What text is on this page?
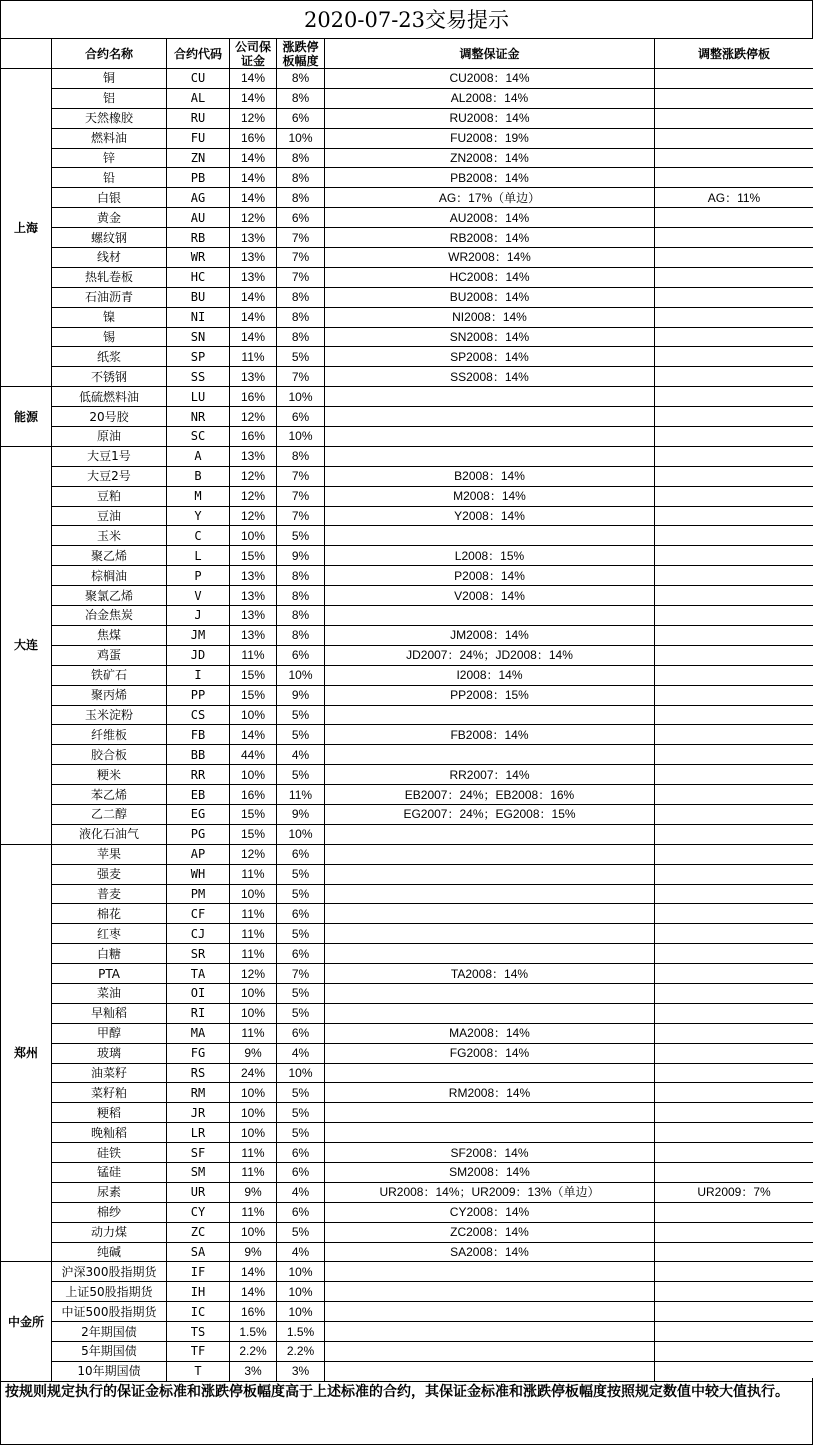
2020-07-23交易提示
	合约名称	合约代码	公司保证金	涨跌停板幅度	调整保证金	调整涨跌停板
上海	铜	CU	14%	8%	CU2008：14%	
	铝	AL	14%	8%	AL2008：14%	
	天然橡胶	RU	12%	6%	RU2008：14%	
	燃料油	FU	16%	10%	FU2008：19%	
	锌	ZN	14%	8%	ZN2008：14%	
	铅	PB	14%	8%	PB2008：14%	
	白银	AG	14%	8%	AG：17%（单边）	AG：11%
	黄金	AU	12%	6%	AU2008：14%	
	螺纹钢	RB	13%	7%	RB2008：14%	
	线材	WR	13%	7%	WR2008：14%	
	热轧卷板	HC	13%	7%	HC2008：14%	
	石油沥青	BU	14%	8%	BU2008：14%	
	镍	NI	14%	8%	NI2008：14%	
	锡	SN	14%	8%	SN2008：14%	
	纸浆	SP	11%	5%	SP2008：14%	
	不锈钢	SS	13%	7%	SS2008：14%	
能源	低硫燃料油	LU	16%	10%		
	20号胶	NR	12%	6%		
	原油	SC	16%	10%		
大连	大豆1号	A	13%	8%		
	大豆2号	B	12%	7%	B2008：14%	
	豆粕	M	12%	7%	M2008：14%	
	豆油	Y	12%	7%	Y2008：14%	
	玉米	C	10%	5%		
	聚乙烯	L	15%	9%	L2008：15%	
	棕榈油	P	13%	8%	P2008：14%	
	聚氯乙烯	V	13%	8%	V2008：14%	
	冶金焦炭	J	13%	8%		
	焦煤	JM	13%	8%	JM2008：14%	
	鸡蛋	JD	11%	6%	JD2007：24%；JD2008：14%	
	铁矿石	I	15%	10%	I2008：14%	
	聚丙烯	PP	15%	9%	PP2008：15%	
	玉米淀粉	CS	10%	5%		
	纤维板	FB	14%	5%	FB2008：14%	
	胶合板	BB	44%	4%		
	粳米	RR	10%	5%	RR2007：14%	
	苯乙烯	EB	16%	11%	EB2007：24%；EB2008：16%	
	乙二醇	EG	15%	9%	EG2007：24%；EG2008：15%	
	液化石油气	PG	15%	10%		
郑州	苹果	AP	12%	6%		
	强麦	WH	11%	5%		
	普麦	PM	10%	5%		
	棉花	CF	11%	6%		
	红枣	CJ	11%	5%		
	白糖	SR	11%	6%		
	PTA	TA	12%	7%	TA2008：14%	
	菜油	OI	10%	5%		
	早籼稻	RI	10%	5%		
	甲醇	MA	11%	6%	MA2008：14%	
	玻璃	FG	9%	4%	FG2008：14%	
	油菜籽	RS	24%	10%		
	菜籽粕	RM	10%	5%	RM2008：14%	
	粳稻	JR	10%	5%		
	晚籼稻	LR	10%	5%		
	硅铁	SF	11%	6%	SF2008：14%	
	锰硅	SM	11%	6%	SM2008：14%	
	尿素	UR	9%	4%	UR2008：14%；UR2009：13%（单边）	UR2009：7%
	棉纱	CY	11%	6%	CY2008：14%	
	动力煤	ZC	10%	5%	ZC2008：14%	
	纯碱	SA	9%	4%	SA2008：14%	
中金所	沪深300股指期货	IF	14%	10%		
	上证50股指期货	IH	14%	10%		
	中证500股指期货	IC	16%	10%		
	2年期国债	TS	1.5%	1.5%		
	5年期国债	TF	2.2%	2.2%		
	10年期国债	T	3%	3%		
按规则规定执行的保证金标准和涨跌停板幅度高于上述标准的合约，其保证金标准和涨跌停板幅度按照规定数值中较大值执行。
